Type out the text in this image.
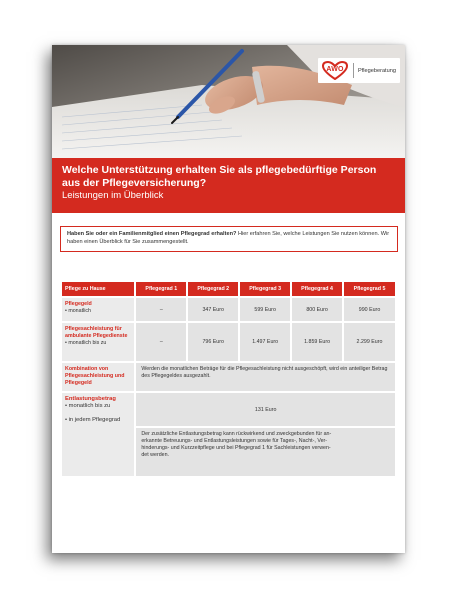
AWO	Pflegeberatung
Welche Unterstützung erhalten Sie als pflegebedürftige Person aus der Pflegeversicherung?
Leistungen im Überblick
Haben Sie oder ein Familienmitglied einen Pflegegrad erhalten? Hier erfahren Sie, welche Leistungen Sie nutzen können. Wir haben einen Überblick für Sie zusammengestellt.
Pflege zu Hause	Pflegegrad 1	Pflegegrad 2	Pflegegrad 3	Pflegegrad 4	Pflegegrad 5

Pflegegeld
• monatlich	–	347 Euro	599 Euro	800 Euro	990 Euro

Pflegesachleistung für ambulante Pflegedienste
• monatlich bis zu	–	796 Euro	1.497 Euro	1.859 Euro	2.299 Euro

Kombination von Pflegesachleistung und Pflegegeld	Werden die monatlichen Beträge für die Pflegesachleistung nicht ausgeschöpft, wird ein anteiliger Betrag des Pflegegeldes ausgezahlt.				

Entlastungsbetrag
• monatlich bis zu
• in jedem Pflegegrad	131 Euro				
	Der zusätzliche Entlastungsbetrag kann rückwirkend und zweckgebunden für an-
erkannte Betreuungs- und Entlastungsleistungen sowie für Tages-, Nacht-, Ver-
hinderungs- und Kurzzeitpflege und bei Pflegegrad 1 für Sachleistungen verwen-
det werden.				
